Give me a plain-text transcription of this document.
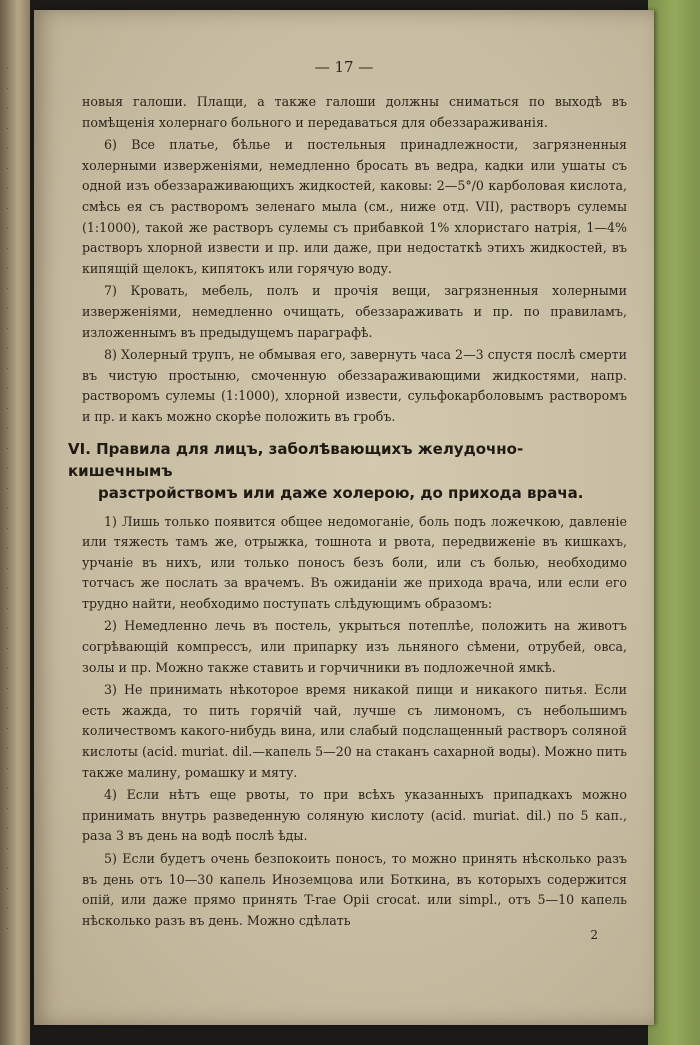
·
·
·
·
·
·
·
·
·
·
·
·
·
·
·
·
·
·
·
·
·
·
·
·
·
·
·
·
·
·
·
·
·
·
·
·
·
·
·
·
·
·
·
·
— 17 —

новыя галоши. Плащи, а также галоши должны сниматься по выходѣ въ помѣщенія холернаго больного и передаваться для обеззараживанія.

6) Все платье, бѣлье и постельныя принадлежности, загрязненныя холерными изверженіями, немедленно бросать въ ведра, кадки или ушаты съ одной изъ обеззараживающихъ жидкостей, каковы: 2—5°/0 карболовая кислота, смѣсь ея съ растворомъ зеленаго мыла (см., ниже отд. VII), растворъ сулемы (1:1000), такой же растворъ сулемы съ прибавкой 1% хлористаго натрія, 1—4% растворъ хлорной извести и пр. или даже, при недостаткѣ этихъ жидкостей, въ кипящій щелокъ, кипятокъ или горячую воду.

7) Кровать, мебель, полъ и прочія вещи, загрязненныя холерными изверженіями, немедленно очищать, обеззараживать и пр. по правиламъ, изложеннымъ въ предыдущемъ параграфѣ.

8) Холерный трупъ, не обмывая его, завернуть часа 2—3 спустя послѣ смерти въ чистую простыню, смоченную обеззараживающими жидкостями, напр. растворомъ сулемы (1:1000), хлорной извести, сульфокарболовымъ растворомъ и пр. и какъ можно скорѣе положить въ гробъ.

VI. Правила для лицъ, заболѣвающихъ желудочно-кишечнымъ
разстройствомъ или даже холерою, до прихода врача.

1) Лишь только появится общее недомоганіе, боль подъ ложечкою, давленіе или тяжесть тамъ же, отрыжка, тошнота и рвота, передвиженіе въ кишкахъ, урчаніе въ нихъ, или только поносъ безъ боли, или съ болью, необходимо тотчасъ же послать за врачемъ. Въ ожиданіи же прихода врача, или если его трудно найти, необходимо поступать слѣдующимъ образомъ:

2) Немедленно лечь въ постель, укрыться потеплѣе, положить на животъ согрѣвающій компрессъ, или припарку изъ льняного сѣмени, отрубей, овса, золы и пр. Можно также ставить и горчичники въ подложечной ямкѣ.

3) Не принимать нѣкоторое время никакой пищи и никакого питья. Если есть жажда, то пить горячій чай, лучше съ лимономъ, съ небольшимъ количествомъ какого-нибудь вина, или слабый подслащенный растворъ соляной кислоты (acid. muriat. dil.—капель 5—20 на стаканъ сахарной воды). Можно пить также малину, ромашку и мяту.

4) Если нѣтъ еще рвоты, то при всѣхъ указанныхъ припадкахъ можно принимать внутрь разведенную соляную кислоту (acid. muriat. dil.) по 5 кап., раза 3 въ день на водѣ послѣ ѣды.

5) Если будетъ очень безпокоить поносъ, то можно принять нѣсколько разъ въ день отъ 10—30 капель Иноземцова или Боткина, въ которыхъ содержится опій, или даже прямо принять T-rae Opii crocat. или simpl., отъ 5—10 капель нѣсколько разъ въ день. Можно сдѣлать

2
